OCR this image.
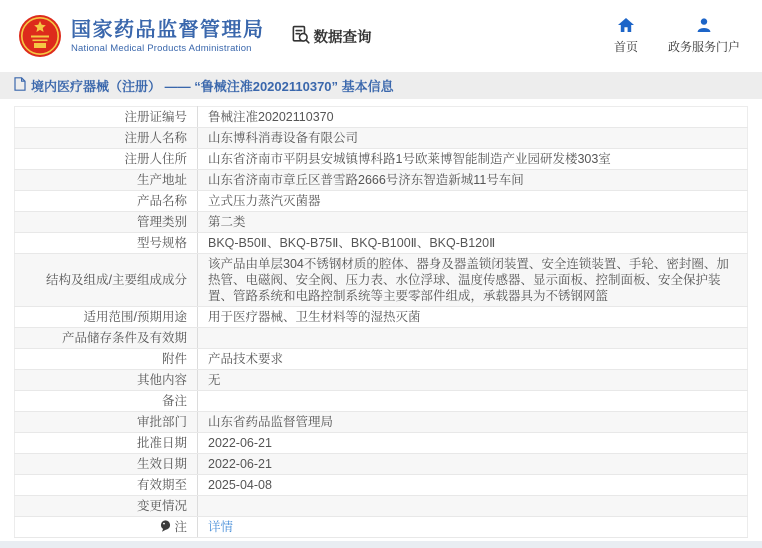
国家药品监督管理局
National Medical Products Administration
数据查询
首页	政务服务门户
境内医疗器械（注册） —— “鲁械注准20202110370” 基本信息
注册证编号	鲁械注准20202110370
注册人名称	山东博科消毒设备有限公司
注册人住所	山东省济南市平阴县安城镇博科路1号欧莱博智能制造产业园研发楼303室
生产地址	山东省济南市章丘区普雪路2666号济东智造新城11号车间
产品名称	立式压力蒸汽灭菌器
管理类别	第二类
型号规格	BKQ-B50Ⅱ、BKQ-B75Ⅱ、BKQ-B100Ⅱ、BKQ-B120Ⅱ
结构及组成/主要组成成分	该产品由单层304不锈钢材质的腔体、器身及器盖锁闭装置、安全连锁装置、手轮、密封圈、加热管、电磁阀、安全阀、压力表、水位浮球、温度传感器、显示面板、控制面板、安全保护装置、管路系统和电路控制系统等主要零部件组成，承载器具为不锈钢网篮
适用范围/预期用途	用于医疗器械、卫生材料等的湿热灭菌
产品储存条件及有效期	
附件	产品技术要求
其他内容	无
备注	
审批部门	山东省药品监督管理局
批准日期	2022-06-21
生效日期	2022-06-21
有效期至	2025-04-08
变更情况	

注	详情
